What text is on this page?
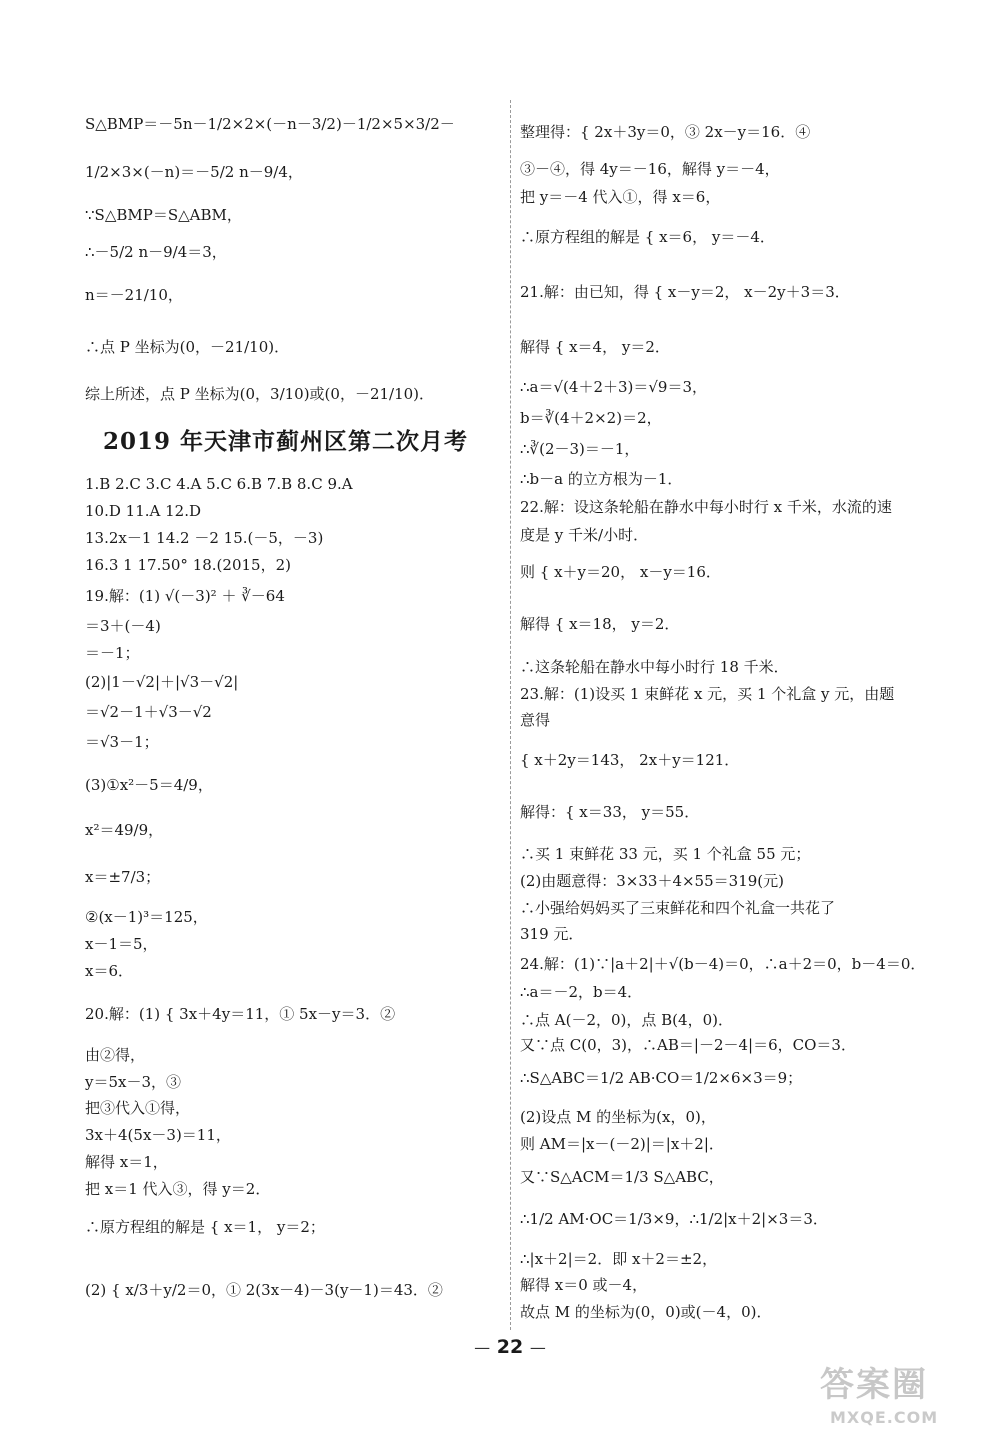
S△BMP＝－5n－1/2×2×(－n－3/2)－1/2×5×3/2－
1/2×3×(－n)＝－5/2 n－9/4，
∵S△BMP＝S△ABM，
∴－5/2 n－9/4＝3，
n＝－21/10，
∴点 P 坐标为(0，－21/10)．
综上所述，点 P 坐标为(0，3/10)或(0，－21/10)．
2019 年天津市蓟州区第二次月考
1.B 2.C 3.C 4.A 5.C 6.B 7.B 8.C 9.A
10.D 11.A 12.D
13.2x－1 14.2 －2 15.(－5，－3)
16.3 1 17.50° 18.(2015，2)
19.解：(1) √(－3)² ＋ ∛－64
＝3＋(－4)
＝－1；
(2)|1－√2|＋|√3－√2|
＝√2－1＋√3－√2
＝√3－1；
(3)①x²－5＝4/9，
x²＝49/9，
x＝±7/3；
②(x－1)³＝125，
x－1＝5，
x＝6．
20.解：(1) { 3x＋4y＝11，① 5x－y＝3．②
由②得，
y＝5x－3，③
把③代入①得，
3x＋4(5x－3)＝11，
解得 x＝1，
把 x＝1 代入③，得 y＝2．
∴原方程组的解是 { x＝1， y＝2；
(2) { x/3＋y/2＝0，① 2(3x－4)－3(y－1)＝43．②
整理得：{ 2x＋3y＝0，③ 2x－y＝16．④
③－④，得 4y＝－16，解得 y＝－4，
把 y＝－4 代入①，得 x＝6，
∴原方程组的解是 { x＝6， y＝－4．
21.解：由已知，得 { x－y＝2， x－2y＋3＝3．
解得 { x＝4， y＝2．
∴a＝√(4＋2＋3)＝√9＝3，
b＝∛(4＋2×2)＝2，
∴∛(2－3)＝－1，
∴b－a 的立方根为－1．
22.解：设这条轮船在静水中每小时行 x 千米，水流的速
度是 y 千米/小时．
则 { x＋y＝20， x－y＝16．
解得 { x＝18， y＝2．
∴这条轮船在静水中每小时行 18 千米．
23.解：(1)设买 1 束鲜花 x 元，买 1 个礼盒 y 元，由题
意得
{ x＋2y＝143， 2x＋y＝121．
解得：{ x＝33， y＝55．
∴买 1 束鲜花 33 元，买 1 个礼盒 55 元；
(2)由题意得：3×33＋4×55＝319(元)
∴小强给妈妈买了三束鲜花和四个礼盒一共花了
319 元．
24.解：(1)∵|a＋2|＋√(b－4)＝0，∴a＋2＝0，b－4＝0．
∴a＝－2，b＝4．
∴点 A(－2，0)，点 B(4，0)．
又∵点 C(0，3)，∴AB＝|－2－4|＝6，CO＝3．
∴S△ABC＝1/2 AB·CO＝1/2×6×3＝9；
(2)设点 M 的坐标为(x，0)，
则 AM＝|x－(－2)|＝|x＋2|．
又∵S△ACM＝1/3 S△ABC，
∴1/2 AM·OC＝1/3×9，∴1/2|x＋2|×3＝3．
∴|x＋2|＝2．即 x＋2＝±2，
解得 x＝0 或－4，
故点 M 的坐标为(0，0)或(－4，0)．
— 22 —
答案圈
MXQE.COM
